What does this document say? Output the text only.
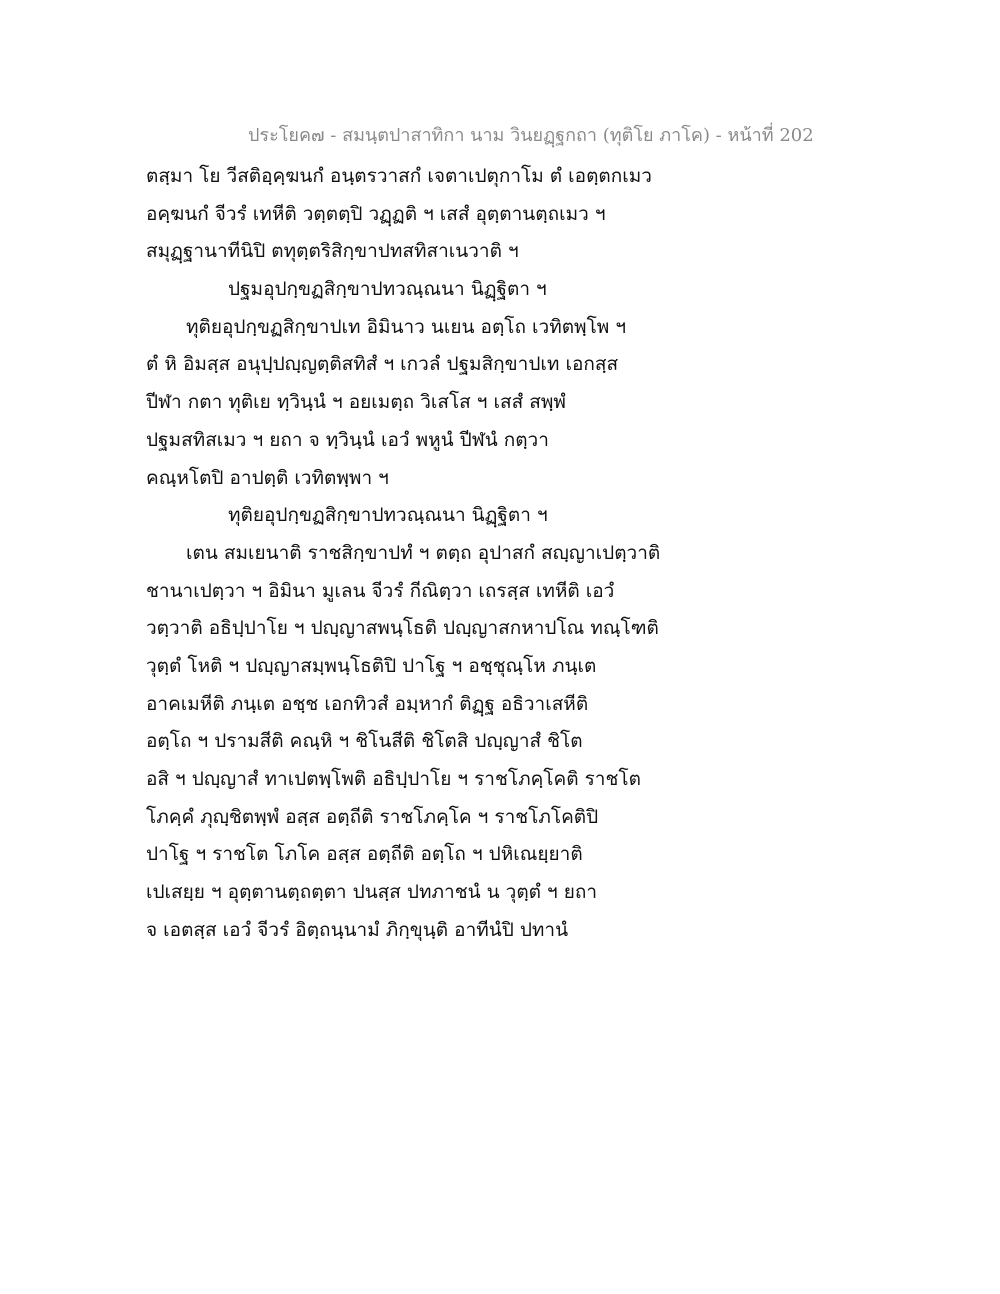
ประโยค๗ - สมนฺตปาสาทิกา นาม วินยฏฺฐกถา (ทุติโย ภาโค) - หน้าที่ 202
ตสฺมา โย วีสติอฺคฺฆนกํ อนฺตรวาสกํ เจตาเปตุกาโม ตํ เอตฺตกเมว
อคฺฆนกํ จีวรํ เทหีติ วตฺตตฺปิ วฏฺฏติ ฯ เสสํ อุตฺตานตฺถเมว ฯ
สมุฏฺฐานาทีนิปิ ตทุตฺตริสิกฺขาปทสทิสาเนวาติ ฯ
ปฐมอุปกฺขฏสิกฺขาปทวณฺณนา นิฏฺฐิตา ฯ
ทุติยอุปกฺขฏสิกฺขาปเท อิมินาว นเยน อตฺโถ เวทิตพฺโพ ฯ
ตํ หิ อิมสฺส อนุปฺปญฺญตฺติสทิสํ ฯ เกวลํ ปฐมสิกฺขาปเท เอกสฺส
ปีฬา กตา ทุติเย ทฺวินฺนํ ฯ อยเมตฺถ วิเสโส ฯ เสสํ สพฺพํ
ปฐมสทิสเมว ฯ ยถา จ ทฺวินฺนํ เอวํ พหูนํ ปีฬนํ กตฺวา
คณฺหโตปิ อาปตฺติ เวทิตพฺพา ฯ
ทุติยอุปกฺขฏสิกฺขาปทวณฺณนา นิฏฺฐิตา ฯ
เตน สมเยนาติ ราชสิกฺขาปทํ ฯ ตตฺถ อุปาสกํ สญฺญาเปตฺวาติ
ชานาเปตฺวา ฯ อิมินา มูเลน จีวรํ กีณิตฺวา เถรสฺส เทหีติ เอวํ
วตฺวาติ อธิปฺปาโย ฯ ปญฺญาสพนฺโธติ ปญฺญาสกหาปโณ ทณฺโฑติ
วุตฺตํ โหติ ฯ ปญฺญาสมฺพนฺโธติปิ ปาโฐ ฯ อชฺชุณฺโห ภนฺเต
อาคเมหีติ ภนฺเต อชฺช เอกทิวสํ อมฺหากํ ติฏฺฐ อธิวาเสหีติ
อตฺโถ ฯ ปรามสีติ คณฺหิ ฯ ชิโนสีติ ชิโตสิ ปญฺญาสํ ชิโต
อสิ ฯ ปญฺญาสํ ทาเปตพฺโพติ อธิปฺปาโย ฯ ราชโภคฺโคติ ราชโต
โภคฺคํ ภุญฺชิตพฺพํ อสฺส อตฺถีติ ราชโภคฺโค ฯ ราชโภโคติปิ
ปาโฐ ฯ ราชโต โภโค อสฺส อตฺถีติ อตฺโถ ฯ ปหิเณยฺยาติ
เปเสยฺย ฯ อุตฺตานตฺถตฺตา ปนสฺส ปทภาชนํ น วุตฺตํ ฯ ยถา
จ เอตสฺส เอวํ จีวรํ อิตฺถนฺนามํ ภิกฺขุนฺติ อาทีนํปิ ปทานํ
